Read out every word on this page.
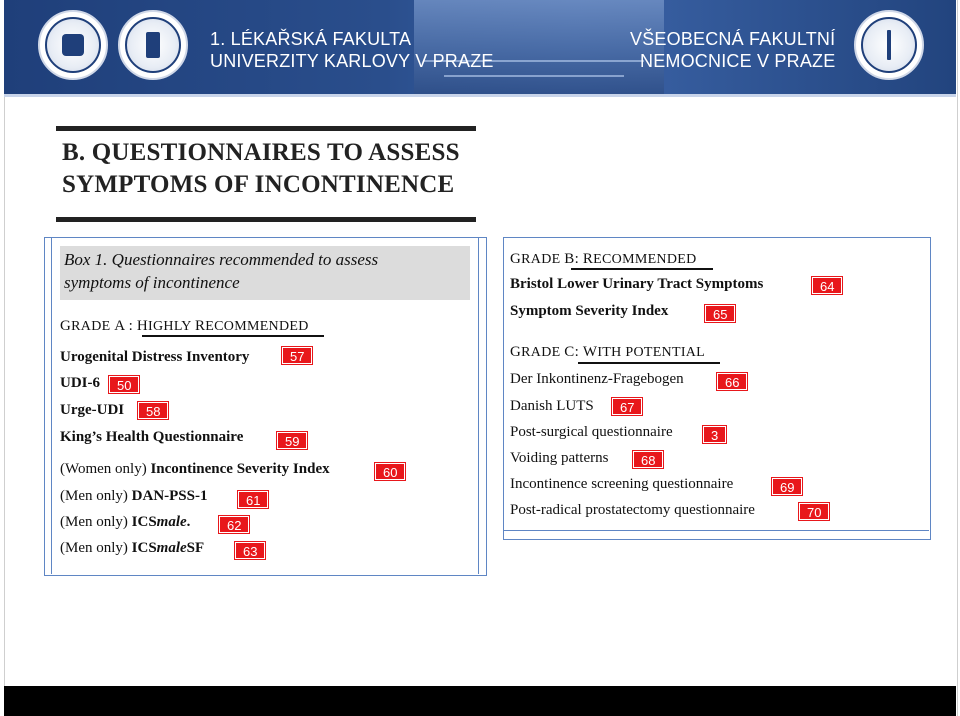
1. LÉKAŘSKÁ FAKULTA
UNIVERZITY KARLOVY V PRAZE
VŠEOBECNÁ FAKULTNÍ
NEMOCNICE V PRAZE
B. QUESTIONNAIRES TO ASSESS
SYMPTOMS OF INCONTINENCE
Box 1. Questionnaires recommended to assess
symptoms of incontinence
GRADE A : HIGHLY RECOMMENDED
Urogenital Distress Inventory	57
UDI-6	50
Urge-UDI	58
King’s Health Questionnaire	59
(Women only) Incontinence Severity Index	60
(Men only) DAN-PSS-1	61
(Men only) ICSmale.	62
(Men only) ICSmaleSF	63
GRADE B: RECOMMENDED
Bristol Lower Urinary Tract Symptoms	64
Symptom Severity Index	65
GRADE C: WITH POTENTIAL
Der Inkontinenz-Fragebogen	66
Danish LUTS	67
Post-surgical questionnaire	3
Voiding patterns	68
Incontinence screening questionnaire	69
Post-radical prostatectomy questionnaire	70
